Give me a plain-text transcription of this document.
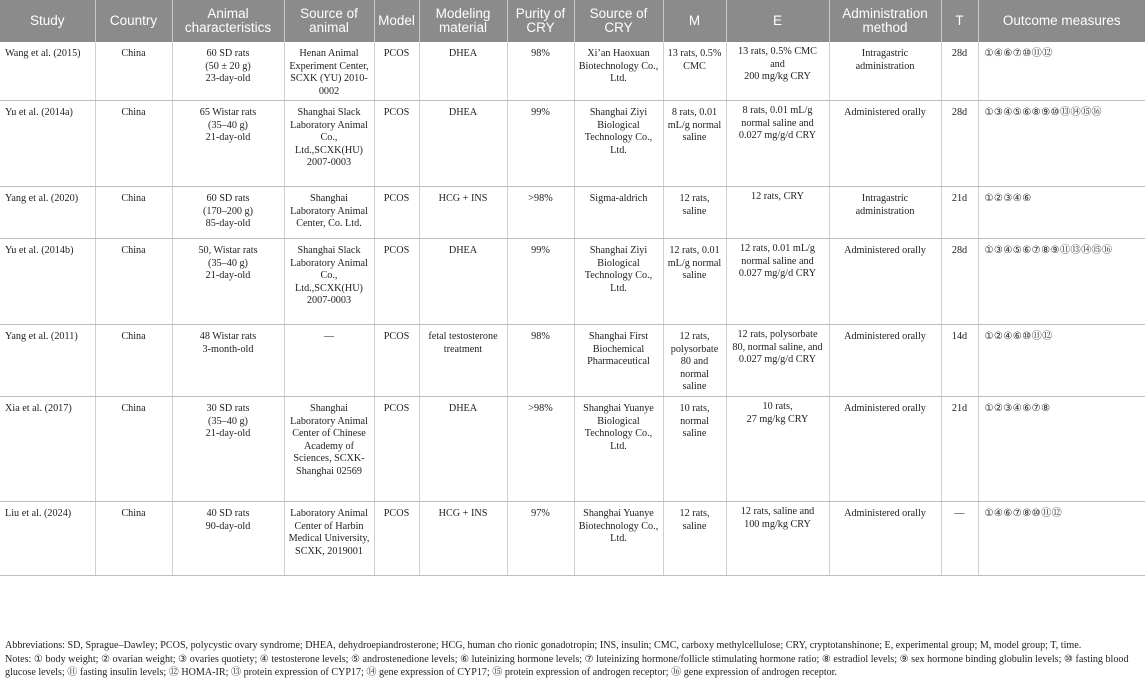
Study	Country	Animal characteristics	Source of animal	Model	Modeling material	Purity of CRY	Source of CRY	M	E	Administration method	T	Outcome measures
Wang et al. (2015)	China	60 SD rats
(50 ± 20 g)
23-day-old	Henan Animal Experiment Center, SCXK (YU) 2010-0002	PCOS	DHEA	98%	Xi’an Haoxuan Biotechnology Co., Ltd.	13 rats, 0.5% CMC	13 rats, 0.5% CMC and
200 mg/kg CRY	Intragastric administration	28d	①④⑥⑦⑩⑪⑫
Yu et al. (2014a)	China	65 Wistar rats
(35–40 g)
21-day-old	Shanghai Slack Laboratory Animal Co., Ltd.,SCXK(HU) 2007-0003	PCOS	DHEA	99%	Shanghai Ziyi Biological Technology Co., Ltd.	8 rats, 0.01 mL/g normal saline	8 rats, 0.01 mL/g normal saline and 0.027 mg/g/d CRY	Administered orally	28d	①③④⑤⑥⑧⑨⑩⑬⑭⑮⑯
Yang et al. (2020)	China	60 SD rats
(170–200 g)
85-day-old	Shanghai Laboratory Animal Center, Co. Ltd.	PCOS	HCG + INS	>98%	Sigma-aldrich	12 rats, saline	12 rats, CRY	Intragastric administration	21d	①②③④⑥
Yu et al. (2014b)	China	50, Wistar rats
(35–40 g)
21-day-old	Shanghai Slack Laboratory Animal Co., Ltd.,SCXK(HU) 2007-0003	PCOS	DHEA	99%	Shanghai Ziyi Biological Technology Co., Ltd.	12 rats, 0.01 mL/g normal saline	12 rats, 0.01 mL/g normal saline and 0.027 mg/g/d CRY	Administered orally	28d	①③④⑤⑥⑦⑧⑨⑪⑬⑭⑮⑯
Yang et al. (2011)	China	48 Wistar rats
3-month-old	—	PCOS	fetal testosterone treatment	98%	Shanghai First Biochemical Pharmaceutical	12 rats, polysorbate 80 and normal saline	12 rats, polysorbate 80, normal saline, and 0.027 mg/g/d CRY	Administered orally	14d	①②④⑥⑩⑪⑫
Xia et al. (2017)	China	30 SD rats
(35–40 g)
21-day-old	Shanghai Laboratory Animal Center of Chinese Academy of Sciences, SCXK-Shanghai 02569	PCOS	DHEA	>98%	Shanghai Yuanye Biological Technology Co., Ltd.	10 rats, normal saline	10 rats,
27 mg/kg CRY	Administered orally	21d	①②③④⑥⑦⑧
Liu et al. (2024)	China	40 SD rats
90-day-old	Laboratory Animal Center of Harbin Medical University, SCXK, 2019001	PCOS	HCG + INS	97%	Shanghai Yuanye Biotechnology Co., Ltd.	12 rats, saline	12 rats, saline and
100 mg/kg CRY	Administered orally	—	①④⑥⑦⑧⑩⑪⑫

Abbreviations: SD, Sprague–Dawley; PCOS, polycystic ovary syndrome; DHEA, dehydroepiandrosterone; HCG, human cho rionic gonadotropin; INS, insulin; CMC, carboxy methylcellulose; CRY, cryptotanshinone; E, experimental group; M, model group; T, time.

Notes: ① body weight; ② ovarian weight; ③ ovaries quotiety; ④ testosterone levels; ⑤ androstenedione levels; ⑥ luteinizing hormone levels; ⑦ luteinizing hormone/follicle stimulating hormone ratio; ⑧ estradiol levels; ⑨ sex hormone binding globulin levels; ⑩ fasting blood glucose levels; ⑪ fasting insulin levels; ⑫ HOMA-IR; ⑬ protein expression of CYP17; ⑭ gene expression of CYP17; ⑮ protein expression of androgen receptor; ⑯ gene expression of androgen receptor.
